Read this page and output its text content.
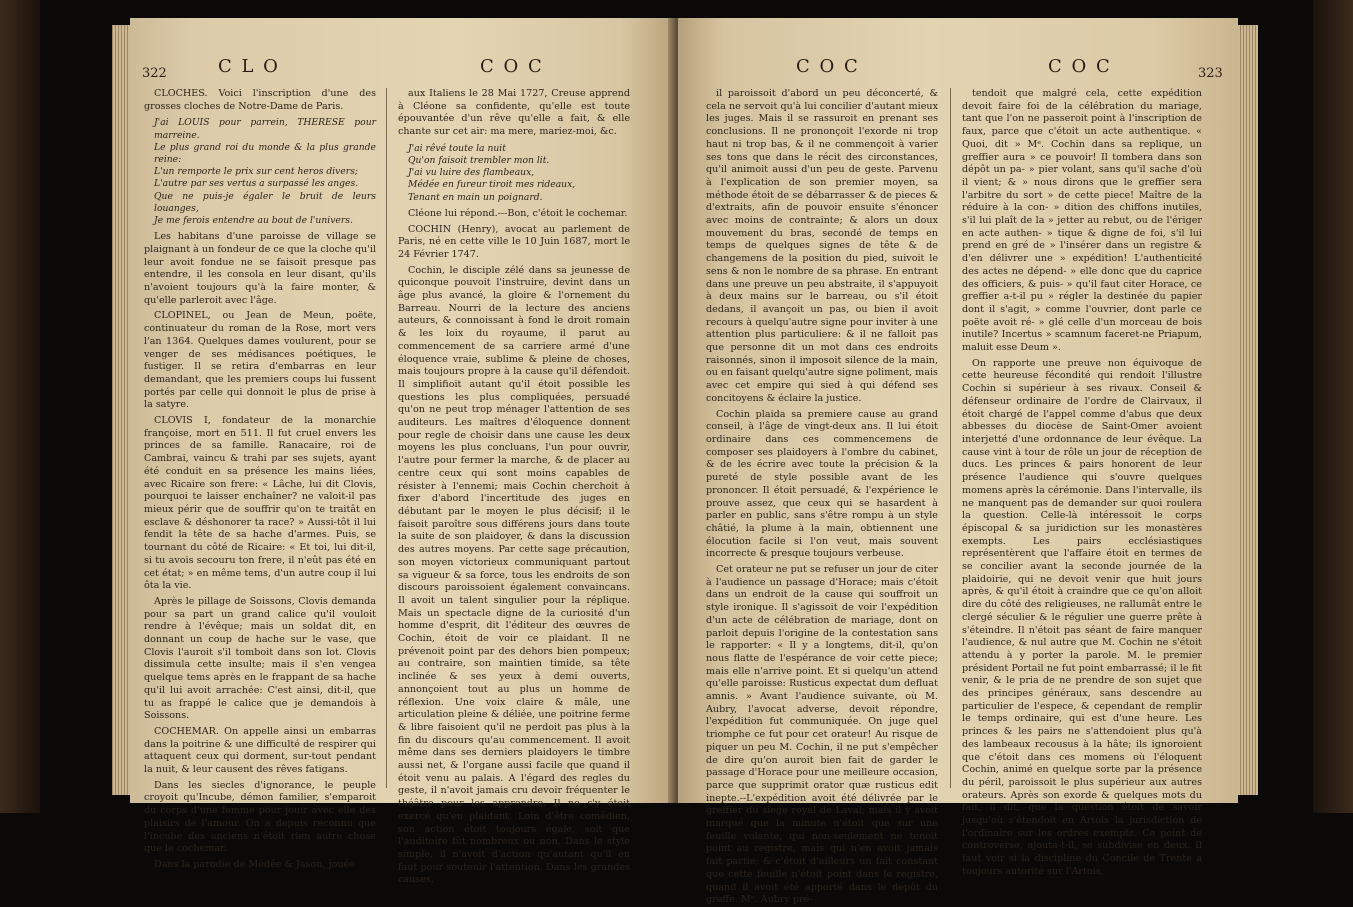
322	C L O	C O C

CLOCHES. Voici l'inscription d'une des grosses cloches de Notre-Dame de Paris.

J'ai LOUIS pour parrein, THERESE pour marreine.
Le plus grand roi du monde & la plus grande reine:
L'un remporte le prix sur cent heros divers;
L'autre par ses vertus a surpassé les anges.
Que ne puis-je égaler le bruit de leurs louanges,
Je me ferois entendre au bout de l'univers.

Les habitans d'une paroisse de village se plaignant à un fondeur de ce que la cloche qu'il leur avoit fondue ne se faisoit presque pas entendre, il les consola en leur disant, qu'ils n'avoient toujours qu'à la faire monter, & qu'elle parleroit avec l'âge.

CLOPINEL, ou Jean de Meun, poëte, continuateur du roman de la Rose, mort vers l'an 1364. Quelques dames voulurent, pour se venger de ses médisances poétiques, le fustiger. Il se retira d'embarras en leur demandant, que les premiers coups lui fussent portés par celle qui donnoit le plus de prise à la satyre.

CLOVIS I, fondateur de la monarchie françoise, mort en 511. Il fut cruel envers les princes de sa famille. Ranacaire, roi de Cambrai, vaincu & trahi par ses sujets, ayant été conduit en sa présence les mains liées, avec Ricaire son frere: « Lâche, lui dit Clovis, pourquoi te laisser enchaîner? ne valoit-il pas mieux périr que de souffrir qu'on te traitât en esclave & déshonorer ta race? » Aussi-tôt il lui fendit la tête de sa hache d'armes. Puis, se tournant du côté de Ricaire: « Et toi, lui dit-il, si tu avois secouru ton frere, il n'eût pas été en cet état; » en même tems, d'un autre coup il lui ôta la vie.

Après le pillage de Soissons, Clovis demanda pour sa part un grand calice qu'il vouloit rendre à l'évêque; mais un soldat dit, en donnant un coup de hache sur le vase, que Clovis l'auroit s'il tomboit dans son lot. Clovis dissimula cette insulte; mais il s'en vengea quelque tems après en le frappant de sa hache qu'il lui avoit arrachée: C'est ainsi, dit-il, que tu as frappé le calice que je demandois à Soissons.

COCHEMAR. On appelle ainsi un embarras dans la poitrine & une difficulté de respirer qui attaquent ceux qui dorment, sur-tout pendant la nuit, & leur causent des rêves fatigans.

Dans les siecles d'ignorance, le peuple croyoit qu'Incube, démon familier, s'emparoit du corps d'une femme pour jouir avec elle des plaisirs de l'amour. On a depuis reconnu que l'incube des anciens n'étoit rien autre chose que le cochemar.

Dans la parodie de Médée & Jason, jouée

aux Italiens le 28 Mai 1727, Creuse apprend à Cléone sa confidente, qu'elle est toute épouvantée d'un rêve qu'elle a fait, & elle chante sur cet air: ma mere, mariez-moi, &c.

J'ai rêvé toute la nuit
Qu'on faisoit trembler mon lit.
J'ai vu luire des flambeaux,
Médée en fureur tiroit mes rideaux,
Tenant en main un poignard.

Cléone lui répond.---Bon, c'étoit le cochemar.

COCHIN (Henry), avocat au parlement de Paris, né en cette ville le 10 Juin 1687, mort le 24 Février 1747.

Cochin, le disciple zélé dans sa jeunesse de quiconque pouvoit l'instruire, devint dans un âge plus avancé, la gloire & l'ornement du Barreau. Nourri de la lecture des anciens auteurs, & connoissant à fond le droit romain & les loix du royaume, il parut au commencement de sa carriere armé d'une éloquence vraie, sublime & pleine de choses, mais toujours propre à la cause qu'il défendoit. Il simplifioit autant qu'il étoit possible les questions les plus compliquées, persuadé qu'on ne peut trop ménager l'attention de ses auditeurs. Les maîtres d'éloquence donnent pour regle de choisir dans une cause les deux moyens les plus concluans, l'un pour ouvrir, l'autre pour fermer la marche, & de placer au centre ceux qui sont moins capables de résister à l'ennemi; mais Cochin cherchoit à fixer d'abord l'incertitude des juges en débutant par le moyen le plus décisif; il le faisoit paroître sous différens jours dans toute la suite de son plaidoyer, & dans la discussion des autres moyens. Par cette sage précaution, son moyen victorieux communiquant partout sa vigueur & sa force, tous les endroits de son discours paroissoient également convaincans. Il avoit un talent singulier pour la réplique. Mais un spectacle digne de la curiosité d'un homme d'esprit, dit l'éditeur des œuvres de Cochin, étoit de voir ce plaidant. Il ne prévenoit point par des dehors bien pompeux; au contraire, son maintien timide, sa tête inclinée & ses yeux à demi ouverts, annonçoient tout au plus un homme de réflexion. Une voix claire & mâle, une articulation pleine & déliée, une poitrine ferme & libre faisoient qu'il ne perdoit pas plus à la fin du discours qu'au commencement. Il avoit même dans ses derniers plaidoyers le timbre aussi net, & l'organe aussi facile que quand il étoit venu au palais. A l'égard des regles du geste, il n'avoit jamais cru devoir fréquenter le théâtre pour les apprendre. Il ne s'y étoit exercé qu'en plaidant. Loin d'être comédien, son action étoit toujours égale, soit que l'auditoire fût nombreux ou non. Dans le style simple, il n'avoit d'action qu'autant qu'il en faut pour soutenir l'attention. Dans les grandes causes,

C O C	C O C	323

il paroissoit d'abord un peu déconcerté, & cela ne servoit qu'à lui concilier d'autant mieux les juges. Mais il se rassuroit en prenant ses conclusions. Il ne prononçoit l'exorde ni trop haut ni trop bas, & il ne commençoit à varier ses tons que dans le récit des circonstances, qu'il animoit aussi d'un peu de geste. Parvenu à l'explication de son premier moyen, sa méthode étoit de se débarrasser & de pieces & d'extraits, afin de pouvoir ensuite s'énoncer avec moins de contrainte; & alors un doux mouvement du bras, secondé de temps en temps de quelques signes de tête & de changemens de la position du pied, suivoit le sens & non le nombre de sa phrase. En entrant dans une preuve un peu abstraite, il s'appuyoit à deux mains sur le barreau, ou s'il étoit dedans, il avançoit un pas, ou bien il avoit recours à quelqu'autre signe pour inviter à une attention plus particuliere: & il ne falloit pas que personne dit un mot dans ces endroits raisonnés, sinon il imposoit silence de la main, ou en faisant quelqu'autre signe poliment, mais avec cet empire qui sied à qui défend ses concitoyens & éclaire la justice.

Cochin plaida sa premiere cause au grand conseil, à l'âge de vingt-deux ans. Il lui étoit ordinaire dans ces commencemens de composer ses plaidoyers à l'ombre du cabinet, & de les écrire avec toute la précision & la pureté de style possible avant de les prononcer. Il étoit persuadé, & l'expérience le prouve assez, que ceux qui se hasardent à parler en public, sans s'être rompu à un style châtié, la plume à la main, obtiennent une élocution facile si l'on veut, mais souvent incorrecte & presque toujours verbeuse.

Cet orateur ne put se refuser un jour de citer à l'audience un passage d'Horace; mais c'étoit dans un endroit de la cause qui souffroit un style ironique. Il s'agissoit de voir l'expédition d'un acte de célébration de mariage, dont on parloit depuis l'origine de la contestation sans le rapporter: « Il y a longtems, dit-il, qu'on nous flatte de l'espérance de voir cette piece; mais elle n'arrive point. Et si quelqu'un attend qu'elle paroisse: Rusticus expectat dum defluat amnis. » Avant l'audience suivante, où M. Aubry, l'avocat adverse, devoit répondre, l'expédition fut communiquée. On juge quel triomphe ce fut pour cet orateur! Au risque de piquer un peu M. Cochin, il ne put s'empêcher de dire qu'on auroit bien fait de garder le passage d'Horace pour une meilleure occasion, parce que supprimit orator quæ rusticus edit inepte.--L'expédition avoit été délivrée par le greffier du siege royal de Laval; mais il y avoit marqué que la minute n'étoit que sur une feuille volante, qui non-seulement ne tenoit point au registre, mais qui n'en avoit jamais fait partie; & c'étoit d'ailleurs un fait constant que cette feuille n'étoit point dans le registre, quand il avoit été apporté dans le dépôt du greffe. Mᵉ. Aubry pré-

tendoit que malgré cela, cette expédition devoit faire foi de la célébration du mariage, tant que l'on ne passeroit point à l'inscription de faux, parce que c'étoit un acte authentique. « Quoi, dit » Mᵉ. Cochin dans sa replique, un greffier aura » ce pouvoir! Il tombera dans son dépôt un pa- » pier volant, sans qu'il sache d'où il vient; & » nous dirons que le greffier sera l'arbitre du sort » de cette piece! Maître de la réduire à la con- » dition des chiffons inutiles, s'il lui plaît de la » jetter au rebut, ou de l'ériger en acte authen- » tique & digne de foi, s'il lui prend en gré de » l'insérer dans un registre & d'en délivrer une » expédition! L'authenticité des actes ne dépend- » elle donc que du caprice des officiers, & puis- » qu'il faut citer Horace, ce greffier a-t-il pu » régler la destinée du papier dont il s'agit, » comme l'ouvrier, dont parle ce poëte avoit ré- » glé celle d'un morceau de bois inutile? Incertus » scamnum faceret-ne Priapum, maluit esse Deum ».

On rapporte une preuve non équivoque de cette heureuse fécondité qui rendoit l'illustre Cochin si supérieur à ses rivaux. Conseil & défenseur ordinaire de l'ordre de Clairvaux, il étoit chargé de l'appel comme d'abus que deux abbesses du diocèse de Saint-Omer avoient interjetté d'une ordonnance de leur évêque. La cause vint à tour de rôle un jour de réception de ducs. Les princes & pairs honorent de leur présence l'audience qui s'ouvre quelques momens après la cérémonie. Dans l'intervalle, ils ne manquent pas de demander sur quoi roulera la question. Celle-là intéressoit le corps épiscopal & sa juridiction sur les monastères exempts. Les pairs ecclésiastiques représentèrent que l'affaire étoit en termes de se concilier avant la seconde journée de la plaidoirie, qui ne devoit venir que huit jours après, & qu'il étoit à craindre que ce qu'on alloit dire du côté des religieuses, ne rallumât entre le clergé séculier & le régulier une guerre prête à s'éteindre. Il n'étoit pas séant de faire manquer l'audience, & nul autre que M. Cochin ne s'étoit attendu à y porter la parole. M. le premier président Portail ne fut point embarrassé; il le fit venir, & le pria de ne prendre de son sujet que des principes généraux, sans descendre au particulier de l'espece, & cependant de remplir le temps ordinaire, qui est d'une heure. Les princes & les pairs ne s'attendoient plus qu'à des lambeaux recousus à la hâte; ils ignoroient que c'étoit dans ces momens où l'éloquent Cochin, animé en quelque sorte par la présence du péril, paroissoit le plus supérieur aux autres orateurs. Après son exorde & quelques mots du fait, il dit, que la question étoit de savoir jusqu'où s'étendoit en Artois la jurisdiction de l'ordinaire sur les ordres exempts. Ce point de controverse, ajouta-t-il, se subdivise en deux. Il faut voir si la discipline du Concile de Trente a toujours autorité sur l'Artois,
